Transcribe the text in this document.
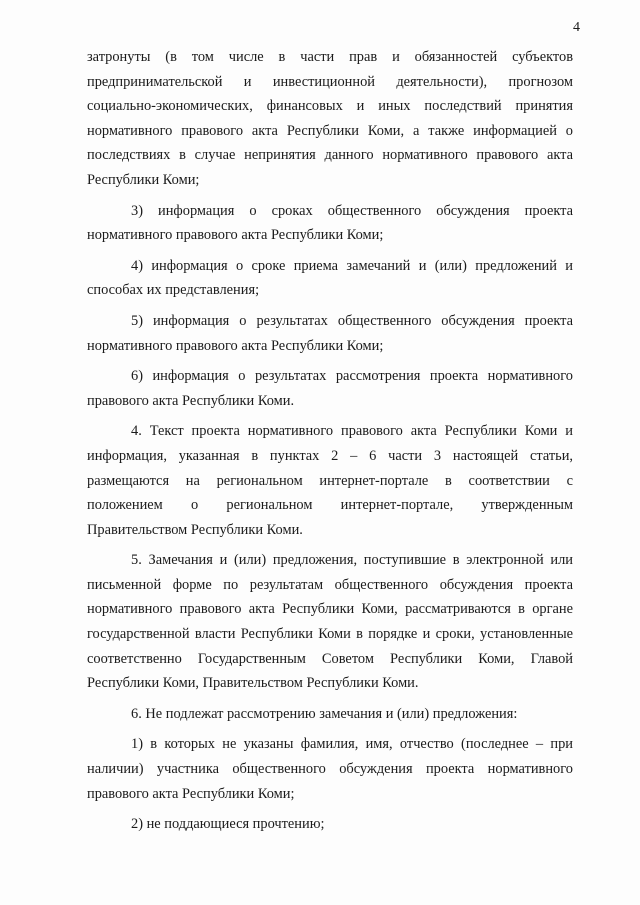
4

затронуты (в том числе в части прав и обязанностей субъектов предпринимательской и инвестиционной деятельности), прогнозом социально-экономических, финансовых и иных последствий принятия нормативного правового акта Республики Коми, а также информацией о последствиях в случае непринятия данного нормативного правового акта Республики Коми;

3) информация о сроках общественного обсуждения проекта нормативного правового акта Республики Коми;

4) информация о сроке приема замечаний и (или) предложений и способах их представления;

5) информация о результатах общественного обсуждения проекта нормативного правового акта Республики Коми;

6) информация о результатах рассмотрения проекта нормативного правового акта Республики Коми.

4. Текст проекта нормативного правового акта Республики Коми и информация, указанная в пунктах 2 – 6 части 3 настоящей статьи, размещаются на региональном интернет-портале в соответствии с положением о региональном интернет-портале, утвержденным Правительством Республики Коми.

5. Замечания и (или) предложения, поступившие в электронной или письменной форме по результатам общественного обсуждения проекта нормативного правового акта Республики Коми, рассматриваются в органе государственной власти Республики Коми в порядке и сроки, установленные соответственно Государственным Советом Республики Коми, Главой Республики Коми, Правительством Республики Коми.

6. Не подлежат рассмотрению замечания и (или) предложения:

1) в которых не указаны фамилия, имя, отчество (последнее – при наличии) участника общественного обсуждения проекта нормативного правового акта Республики Коми;

2) не поддающиеся прочтению;
